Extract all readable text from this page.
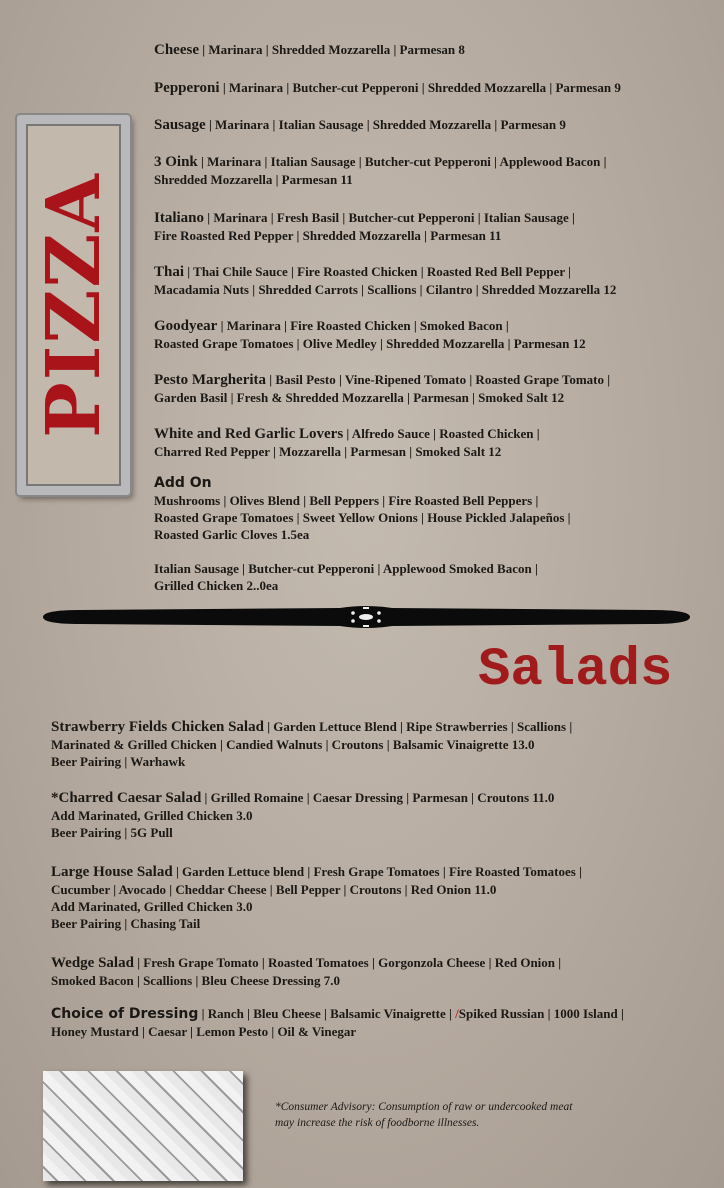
PIZZA
Cheese | Marinara | Shredded Mozzarella | Parmesan 8
Pepperoni | Marinara | Butcher-cut Pepperoni | Shredded Mozzarella | Parmesan 9
Sausage | Marinara | Italian Sausage | Shredded Mozzarella | Parmesan 9
3 Oink | Marinara | Italian Sausage | Butcher-cut Pepperoni | Applewood Bacon |
Shredded Mozzarella | Parmesan 11
Italiano | Marinara | Fresh Basil | Butcher-cut Pepperoni | Italian Sausage |
Fire Roasted Red Pepper | Shredded Mozzarella | Parmesan 11
Thai | Thai Chile Sauce | Fire Roasted Chicken | Roasted Red Bell Pepper |
Macadamia Nuts | Shredded Carrots | Scallions | Cilantro | Shredded Mozzarella 12
Goodyear | Marinara | Fire Roasted Chicken | Smoked Bacon |
Roasted Grape Tomatoes | Olive Medley | Shredded Mozzarella | Parmesan 12
Pesto Margherita | Basil Pesto | Vine-Ripened Tomato | Roasted Grape Tomato |
Garden Basil | Fresh & Shredded Mozzarella | Parmesan | Smoked Salt 12
White and Red Garlic Lovers | Alfredo Sauce | Roasted Chicken |
Charred Red Pepper | Mozzarella | Parmesan | Smoked Salt 12
Add On
Mushrooms | Olives Blend | Bell Peppers | Fire Roasted Bell Peppers |
Roasted Grape Tomatoes | Sweet Yellow Onions | House Pickled Jalapeños |
Roasted Garlic Cloves 1.5ea
Italian Sausage | Butcher-cut Pepperoni | Applewood Smoked Bacon |
Grilled Chicken 2..0ea
Salads
Strawberry Fields Chicken Salad | Garden Lettuce Blend | Ripe Strawberries | Scallions |
Marinated & Grilled Chicken | Candied Walnuts | Croutons | Balsamic Vinaigrette 13.0
Beer Pairing | Warhawk
*Charred Caesar Salad | Grilled Romaine | Caesar Dressing | Parmesan | Croutons 11.0
Add Marinated, Grilled Chicken 3.0
Beer Pairing | 5G Pull
Large House Salad | Garden Lettuce blend | Fresh Grape Tomatoes | Fire Roasted Tomatoes |
Cucumber | Avocado | Cheddar Cheese | Bell Pepper | Croutons | Red Onion 11.0
Add Marinated, Grilled Chicken 3.0
Beer Pairing | Chasing Tail
Wedge Salad | Fresh Grape Tomato | Roasted Tomatoes | Gorgonzola Cheese | Red Onion |
Smoked Bacon | Scallions | Bleu Cheese Dressing 7.0
Choice of Dressing | Ranch | Bleu Cheese | Balsamic Vinaigrette | /Spiked Russian | 1000 Island |
Honey Mustard | Caesar | Lemon Pesto | Oil & Vinegar
*Consumer Advisory: Consumption of raw or undercooked meat
may increase the risk of foodborne illnesses.
